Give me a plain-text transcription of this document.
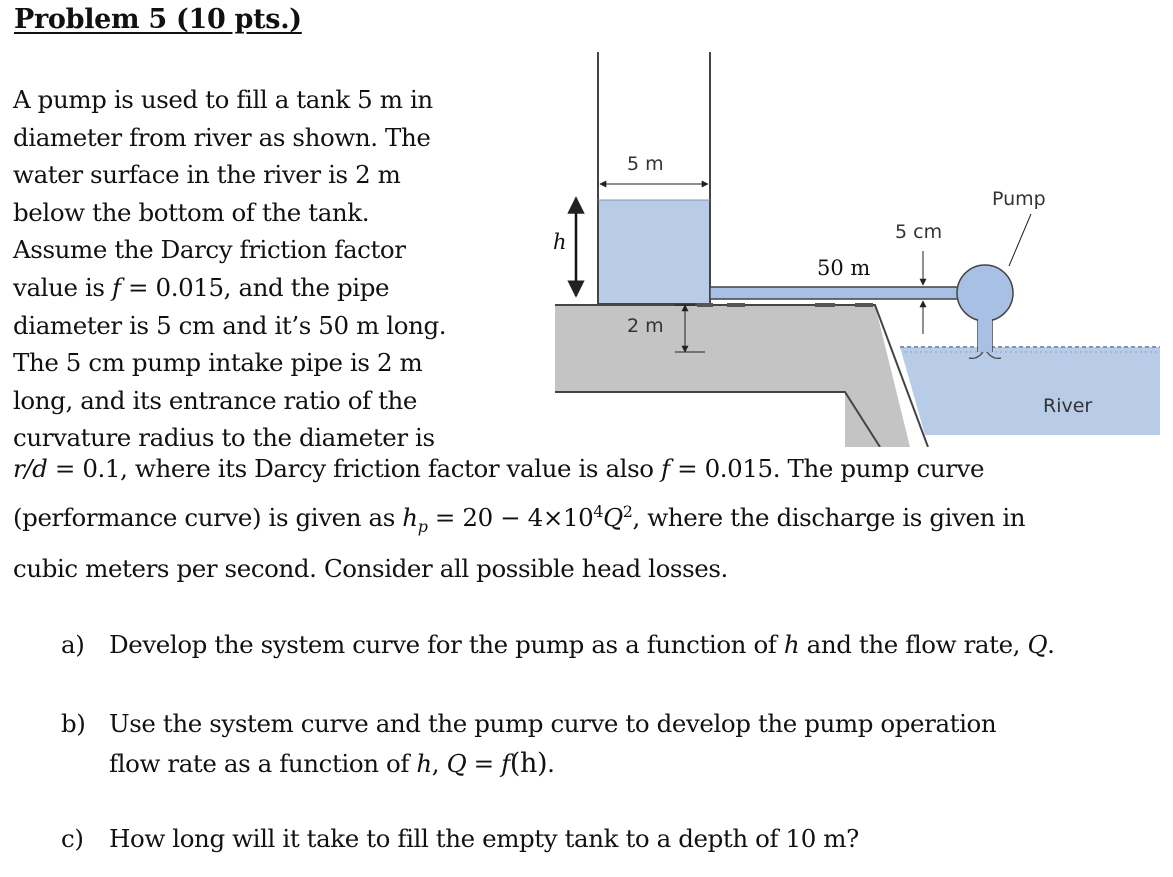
Problem 5 (10 pts.)
A pump is used to fill a tank 5 m in
diameter from river as shown. The
water surface in the river is 2 m
below the bottom of the tank.
Assume the Darcy friction factor
value is f = 0.015, and the pipe
diameter is 5 cm and it’s 50 m long.
The 5 cm pump intake pipe is 2 m
long, and its entrance ratio of the
curvature radius to the diameter is
r/d = 0.1, where its Darcy friction factor value is also f = 0.015. The pump curve
(performance curve) is given as $h_p = 20 - 4\times 10^4Q^2$, where the discharge is given in
cubic meters per second. Consider all possible head losses.
a) Develop the system curve for the pump as a function of h and the flow rate, Q.
b) Use the system curve and the pump curve to develop the pump operation
flow rate as a function of h, Q = f(h).
c) How long will it take to fill the empty tank to a depth of 10 m?
5 m
h
50 m
5 cm
Pump
2 m
River
